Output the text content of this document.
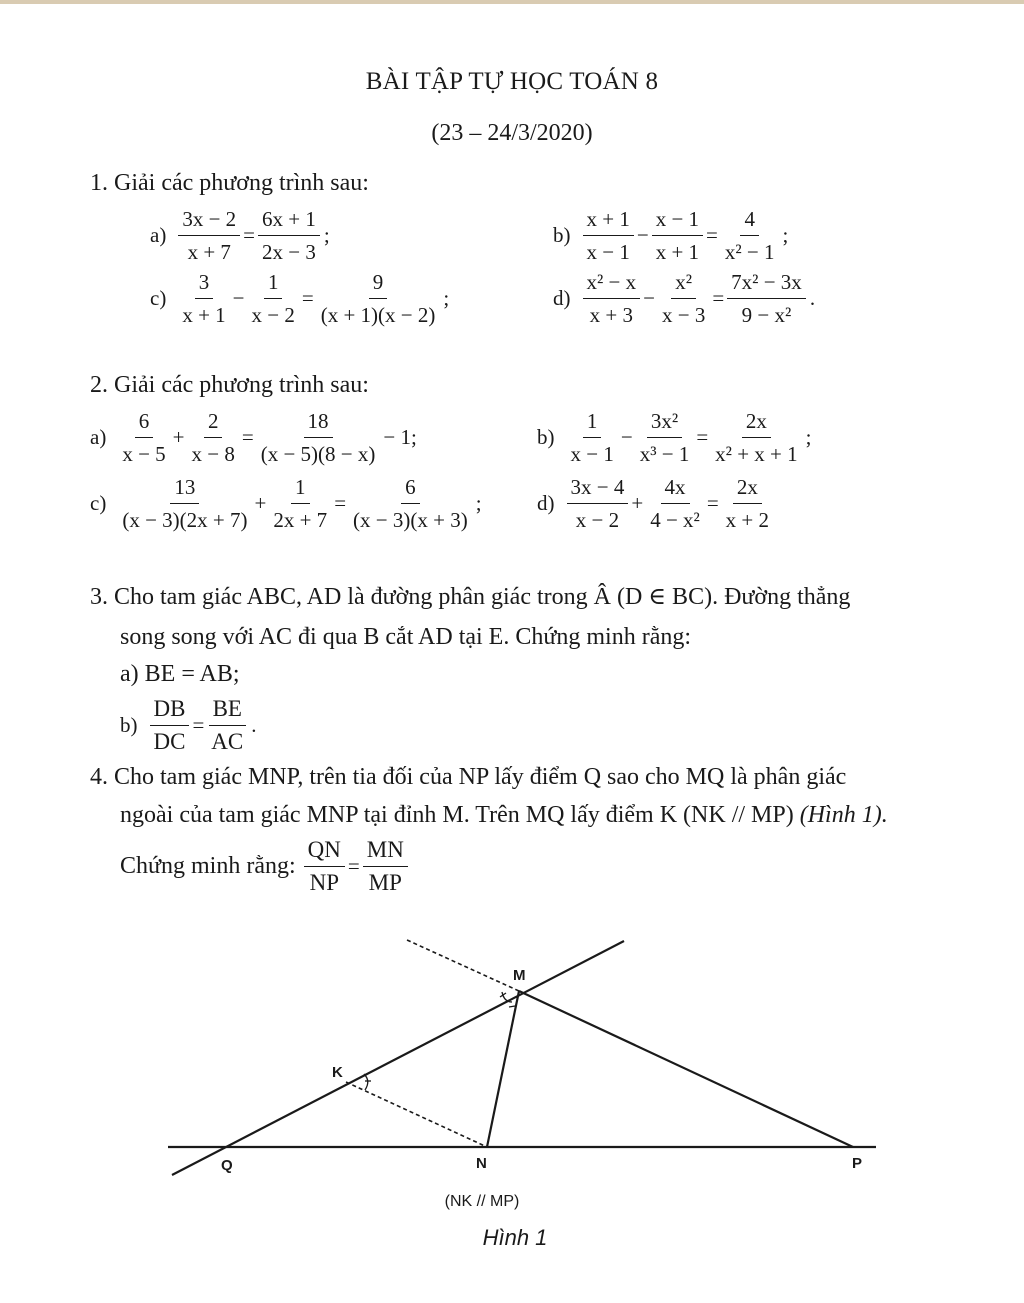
BÀI TẬP TỰ HỌC TOÁN 8
(23 – 24/3/2020)
1. Giải các phương trình sau:
$a) \frac{3x - 2}{x + 7} = \frac{6x + 1}{2x - 3}$ ;	$b) \frac{x + 1}{x - 1} - \frac{x - 1}{x + 1} = \frac{4}{\text{x² − 1}}$ ;
$c) \frac{3}{x + 1} - \frac{1}{x - 2} = \frac{9}{(x + 1)(x - 2)}$ ;	$d) \frac{\text{x² − x}}{x + 3} - \frac{\text{x²}}{x - 3} = \frac{\text{7x² − 3x}}{\text{9 − x²}}$ .
2. Giải các phương trình sau:
$a) \frac{6}{x - 5} + \frac{2}{x - 8} = \frac{18}{(x - 5)(8 - x)} - 1$;	$b) \frac{1}{x - 1} - \frac{\text{3x²}}{\text{x³ − 1}} = \frac{2x}{\text{x² + x + 1}}$ ;
$c) \frac{13}{(x - 3)(2x + 7)} + \frac{1}{2x + 7} = \frac{6}{(x - 3)(x + 3)}$ ;	$d) \frac{3x - 4}{x - 2} + \frac{4x}{\text{4 − x²}} = \frac{2x}{x + 2}$
3. Cho tam giác ABC, AD là đường phân giác trong Â (D ∈ BC). Đường thẳng
song song với AC đi qua B cắt AD tại E. Chứng minh rằng:
a) BE = AB;
$b) \frac{DB}{DC} = \frac{BE}{AC}$ .
4. Cho tam giác MNP, trên tia đối của NP lấy điểm Q sao cho MQ là phân giác
ngoài của tam giác MNP tại đỉnh M. Trên MQ lấy điểm K (NK // MP) (Hình 1).
Chứng minh rằng: $\frac{QN}{NP} = \frac{MN}{MP}$
M
K
Q	N	P
(NK // MP)
Hình 1
